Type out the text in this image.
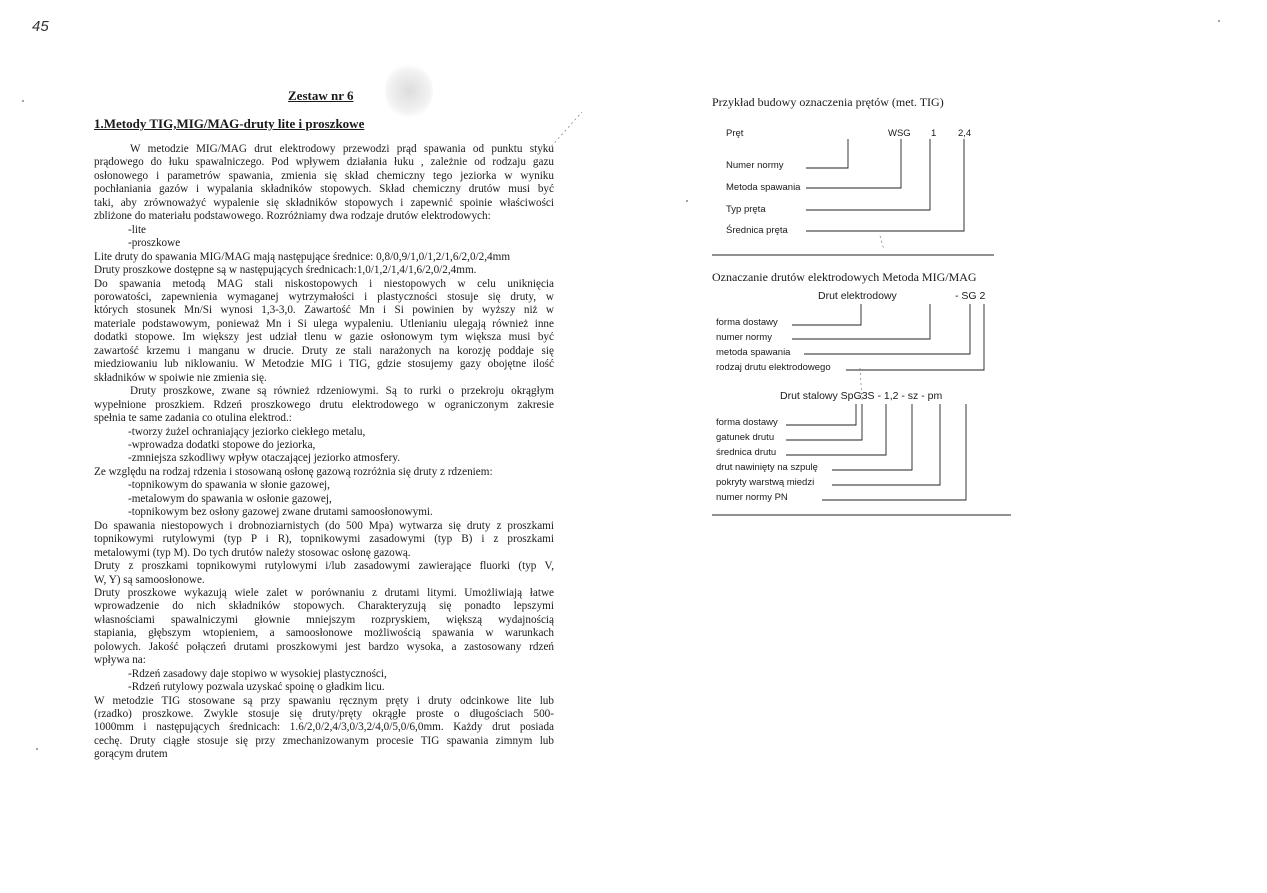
45
Zestaw nr 6
1.Metody TIG,MIG/MAG-druty lite i proszkowe
W metodzie MIG/MAG drut elektrodowy przewodzi prąd spawania od punktu styku
prądowego do łuku spawalniczego. Pod wpływem działania łuku , zależnie od rodzaju gazu
osłonowego i parametrów spawania, zmienia się skład chemiczny tego jeziorka w wyniku
pochłaniania gazów i wypalania składników stopowych. Skład chemiczny drutów musi być
taki, aby zrównoważyć wypalenie się składników stopowych i zapewnić spoinie właściwości
zbliżone do materiału podstawowego. Rozróżniamy dwa rodzaje drutów elektrodowych:
-lite
-proszkowe
Lite druty do spawania MIG/MAG mają następujące średnice: 0,8/0,9/1,0/1,2/1,6/2,0/2,4mm
Druty proszkowe dostępne są w następujących średnicach:1,0/1,2/1,4/1,6/2,0/2,4mm.
Do spawania metodą MAG stali niskostopowych i niestopowych w celu uniknięcia
porowatości, zapewnienia wymaganej wytrzymałości i plastyczności stosuje się druty, w
których stosunek Mn/Si wynosi 1,3-3,0. Zawartość Mn i Si powinien by wyższy niż w
materiale podstawowym, ponieważ Mn i Si ulega wypaleniu. Utlenianiu ulegają również inne
dodatki stopowe. Im większy jest udział tlenu w gazie osłonowym tym większa musi być
zawartość krzemu i manganu w drucie. Druty ze stali narażonych na korozję poddaje się
miedziowaniu lub niklowaniu. W Metodzie MIG i TIG, gdzie stosujemy gazy obojętne ilość
składników w spoiwie nie zmienia się.
Druty proszkowe, zwane są również rdzeniowymi. Są to rurki o przekroju okrągłym
wypełnione proszkiem. Rdzeń proszkowego drutu elektrodowego w ograniczonym zakresie
spełnia te same zadania co otulina elektrod.:
-tworzy żużel ochraniający jeziorko ciekłego metalu,
-wprowadza dodatki stopowe do jeziorka,
-zmniejsza szkodliwy wpływ otaczającej jeziorko atmosfery.
Ze względu na rodzaj rdzenia i stosowaną osłonę gazową rozróżnia się druty z rdzeniem:
-topnikowym do spawania w słonie gazowej,
-metalowym do spawania w osłonie gazowej,
-topnikowym bez osłony gazowej zwane drutami samoosłonowymi.
Do spawania niestopowych i drobnoziarnistych (do 500 Mpa) wytwarza się druty z proszkami
topnikowymi rutylowymi (typ P i R), topnikowymi zasadowymi (typ B) i z proszkami
metalowymi (typ M). Do tych drutów należy stosowac osłonę gazową.
Druty z proszkami topnikowymi rutylowymi i/lub zasadowymi zawierające fluorki (typ V,
W, Y) są samoosłonowe.
Druty proszkowe wykazują wiele zalet w porównaniu z drutami litymi. Umożliwiają łatwe
wprowadzenie do nich składników stopowych. Charakteryzują się ponadto lepszymi
własnościami spawalniczymi głownie mniejszym rozpryskiem, większą wydajnością
stapiania, głębszym wtopieniem, a samoosłonowe możliwością spawania w warunkach
polowych. Jakość połączeń drutami proszkowymi jest bardzo wysoka, a zastosowany rdzeń
wpływa na:
-Rdzeń zasadowy daje stopiwo w wysokiej plastyczności,
-Rdzeń rutylowy pozwala uzyskać spoinę o gładkim licu.
W metodzie TIG stosowane są przy spawaniu ręcznym pręty i druty odcinkowe lite lub
(rzadko) proszkowe. Zwykle stosuje się druty/pręty okrągłe proste o długościach 500-
1000mm i następujących średnicach: 1.6/2,0/2,4/3,0/3,2/4,0/5,0/6,0mm. Każdy drut posiada
cechę. Druty ciągłe stosuje się przy zmechanizowanym procesie TIG spawania zimnym lub
gorącym drutem
Przykład budowy oznaczenia prętów (met. TIG)
Pręt	WSG 1 2,4
Numer normy
Metoda spawania
Typ pręta
Średnica pręta
Oznaczanie drutów elektrodowych Metoda MIG/MAG
Drut elektrodowy	- SG 2
forma dostawy
numer normy
metoda spawania
rodzaj drutu elektrodowego
Drut stalowy SpG3S - 1,2 - sz - pm
forma dostawy
gatunek drutu
średnica drutu
drut nawinięty na szpulę
pokryty warstwą miedzi
numer normy PN
